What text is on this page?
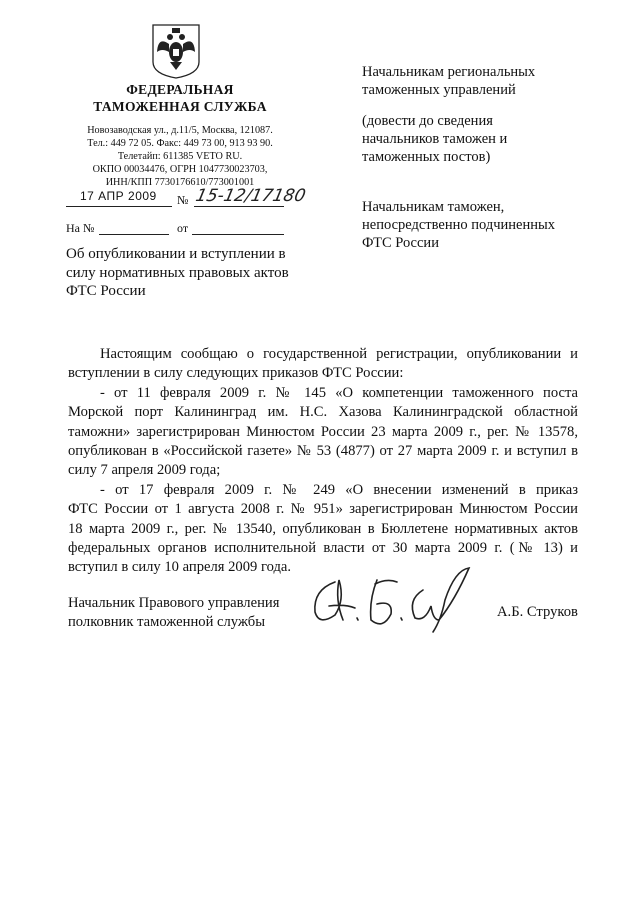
ФЕДЕРАЛЬНАЯ
ТАМОЖЕННАЯ СЛУЖБА
Новозаводская ул., д.11/5, Москва, 121087.
Тел.: 449 72 05. Факс: 449 73 00, 913 93 90.
Телетайп: 611385 VETO RU.
ОКПО 00034476, ОГРН 1047730023703,
ИНН/КПП 7730176610/773001001
17 АПР 2009 № 15-12/17180
На №	от
Об опубликовании и вступлении в
силу нормативных правовых актов
ФТС России
Начальникам региональных
таможенных управлений
(довести до сведения
начальников таможен и
таможенных постов)
Начальникам таможен,
непосредственно подчиненных
ФТС России
Настоящим сообщаю о государственной регистрации, опубликовании и
вступлении в силу следующих приказов ФТС России:
- от 11 февраля 2009 г. № 145 «О компетенции таможенного поста
Морской порт Калининград им. Н.С. Хазова Калининградской областной
таможни» зарегистрирован Минюстом России 23 марта 2009 г., рег. № 13578,
опубликован в «Российской газете» № 53 (4877) от 27 марта 2009 г. и вступил в
силу 7 апреля 2009 года;
- от 17 февраля 2009 г. № 249 «О внесении изменений в приказ
ФТС России от 1 августа 2008 г. № 951» зарегистрирован Минюстом России
18 марта 2009 г., рег. № 13540, опубликован в Бюллетене нормативных актов
федеральных органов исполнительной власти от 30 марта 2009 г. (№ 13) и
вступил в силу 10 апреля 2009 года.
Начальник Правового управления
полковник таможенной службы
А.Б. Струков
